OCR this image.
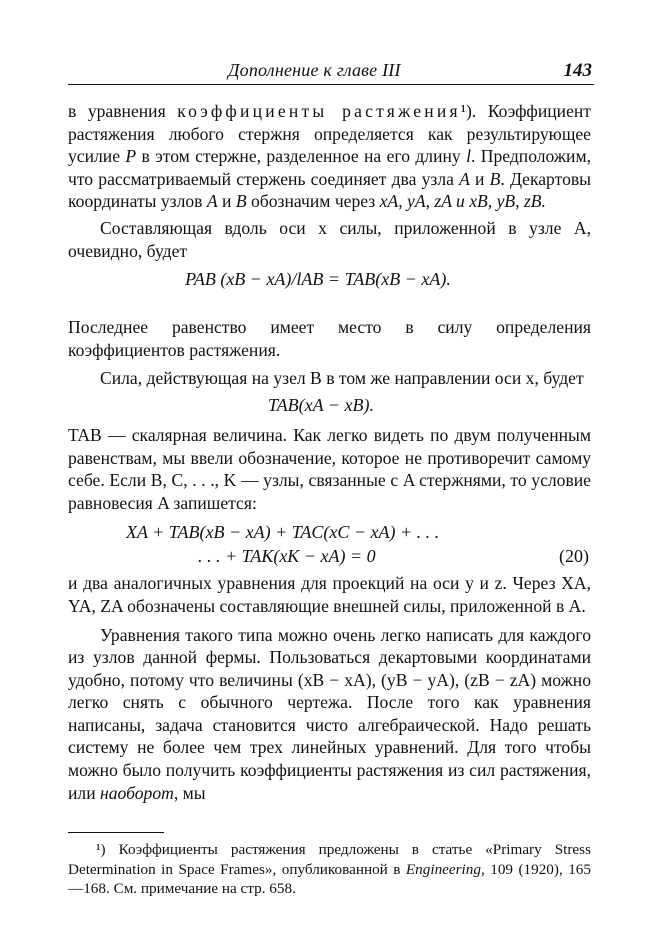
Дополнение к главе III	143

в уравнения коэффициенты растяжения¹). Коэффициент растяжения любого стержня определяется как результирующее усилие P в этом стержне, разделенное на его длину l. Предположим, что рассматриваемый стержень соединяет два узла A и B. Декартовы координаты узлов A и B обозначим через xA, yA, zA и xB, yB, zB.

Составляющая вдоль оси x силы, приложенной в узле A, очевидно, будет

PAB (xB − xA)/lAB = TAB(xB − xA).

Последнее равенство имеет место в силу определения коэффициентов растяжения.

Сила, действующая на узел B в том же направлении оси x, будет

TAB(xA − xB).

TAB — скалярная величина. Как легко видеть по двум полученным равенствам, мы ввели обозначение, которое не противоречит самому себе. Если B, C, . . ., K — узлы, связанные с A стержнями, то условие равновесия A запишется:

XA + TAB(xB − xA) + TAC(xC − xA) + . . .
. . . + TAK(xK − xA) = 0	(20)

и два аналогичных уравнения для проекций на оси y и z. Через XA, YA, ZA обозначены составляющие внешней силы, приложенной в A.

Уравнения такого типа можно очень легко написать для каждого из узлов данной фермы. Пользоваться декартовыми координатами удобно, потому что величины (xB − xA), (yB − yA), (zB − zA) можно легко снять с обычного чертежа. После того как уравнения написаны, задача становится чисто алгебраической. Надо решать систему не более чем трех линейных уравнений. Для того чтобы можно было получить коэффициенты растяжения из сил растяжения, или наоборот, мы

¹) Коэффициенты растяжения предложены в статье «Primary Stress Determination in Space Frames», опубликованной в Engineering, 109 (1920), 165—168. См. примечание на стр. 658.
